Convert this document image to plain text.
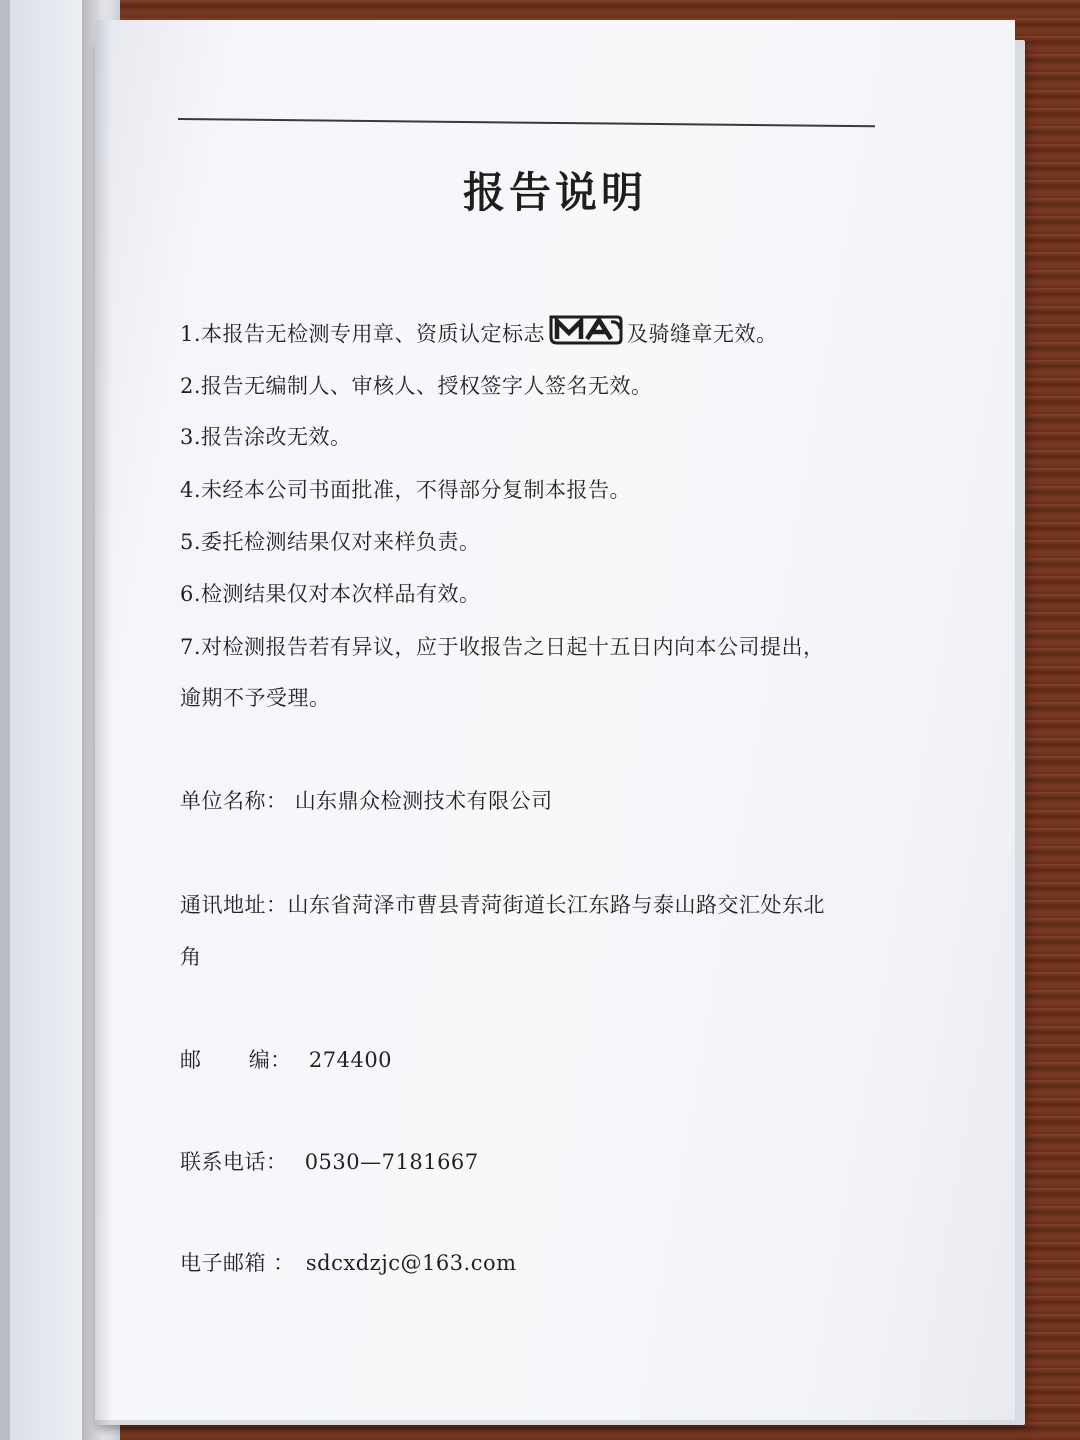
报告说明
1.本报告无检测专用章、资质认定标志	及骑缝章无效。
2.报告无编制人、审核人、授权签字人签名无效。
3.报告涂改无效。
4.未经本公司书面批准，不得部分复制本报告。
5.委托检测结果仅对来样负责。
6.检测结果仅对本次样品有效。
7.对检测报告若有异议，应于收报告之日起十五日内向本公司提出，
逾期不予受理。
单位名称： 山东鼎众检测技术有限公司
通讯地址：山东省菏泽市曹县青菏街道长江东路与泰山路交汇处东北
角
邮 编： 274400
联系电话： 0530—7181667
电子邮箱 ： sdcxdzjc@163.com
